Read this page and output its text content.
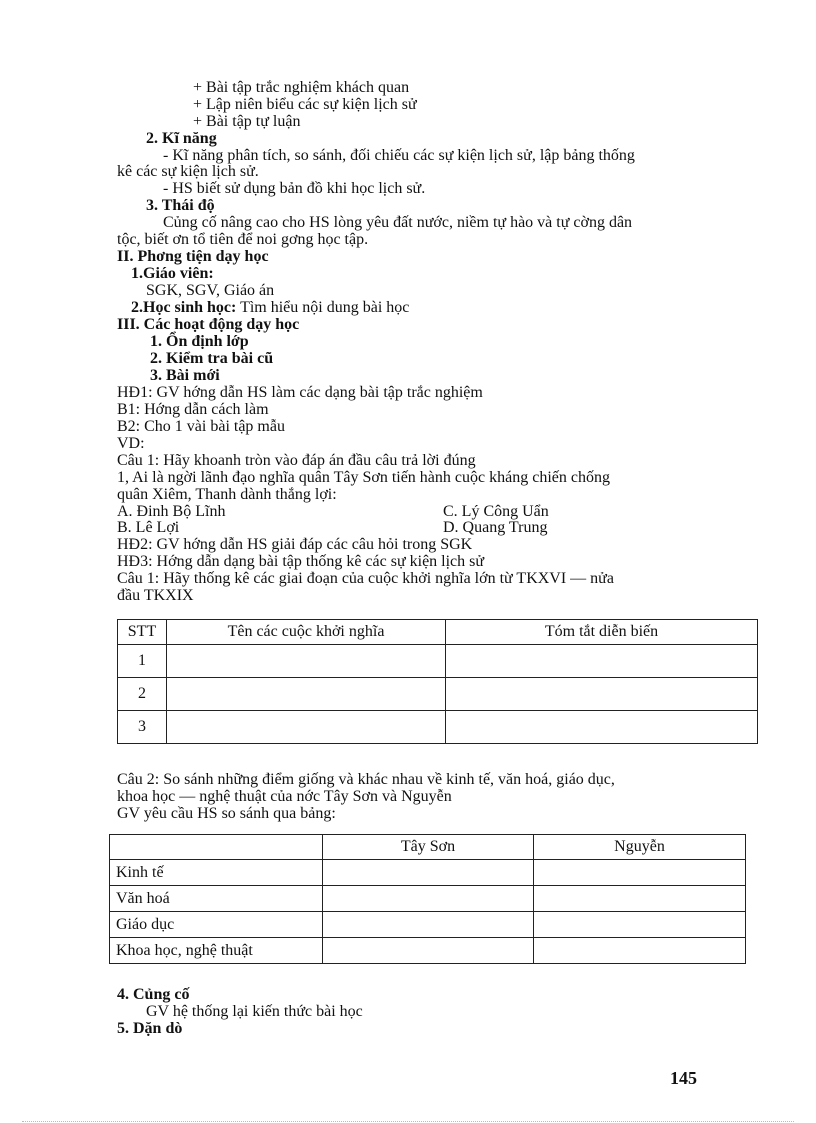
+ Bài tập trắc nghiệm khách quan
+ Lập niên biểu các sự kiện lịch sử
+ Bài tập tự luận
2. Kĩ năng
- Kĩ năng phân tích, so sánh, đối chiếu các sự kiện lịch sử, lập bảng thống
kê các sự kiện lịch sử.
- HS biết sử dụng bản đồ khi học lịch sử.
3. Thái độ
Củng cố nâng cao cho HS lòng yêu đất nước, niềm tự hào và tự cờng dân
tộc, biết ơn tổ tiên để noi gơng học tập.
II. Phơng tiện dạy học
1.Giáo viên:
SGK, SGV, Giáo án
2.Học sinh học: Tìm hiểu nội dung bài học
III. Các hoạt động dạy học
1. Ổn định lớp
2. Kiểm tra bài cũ
3. Bài mới
HĐ1: GV hớng dẫn HS làm các dạng bài tập trắc nghiệm
B1: Hớng dẫn cách làm
B2: Cho 1 vài bài tập mẫu
VD:
Câu 1: Hãy khoanh tròn vào đáp án đầu câu trả lời đúng
1, Ai là ngời lãnh đạo nghĩa quân Tây Sơn tiến hành cuộc kháng chiến chống
quân Xiêm, Thanh dành thắng lợi:
A. Đinh Bộ Lĩnh	C. Lý Công Uẩn
B. Lê Lợi	D. Quang Trung
HĐ2: GV hớng dẫn HS giải đáp các câu hỏi trong SGK
HĐ3: Hớng dẫn dạng bài tập thống kê các sự kiện lịch sử
Câu 1: Hãy thống kê các giai đoạn của cuộc khởi nghĩa lớn từ TKXVI — nửa
đầu TKXIX
STT	Tên các cuộc khởi nghĩa	Tóm tắt diễn biến
1		
2		
3		
Câu 2: So sánh những điểm giống và khác nhau về kinh tế, văn hoá, giáo dục,
khoa học — nghệ thuật của nớc Tây Sơn và Nguyễn
GV yêu cầu HS so sánh qua bảng:
	Tây Sơn	Nguyễn
Kinh tế		
Văn hoá		
Giáo dục		
Khoa học, nghệ thuật		
4. Củng cố
GV hệ thống lại kiến thức bài học
5. Dặn dò
145
